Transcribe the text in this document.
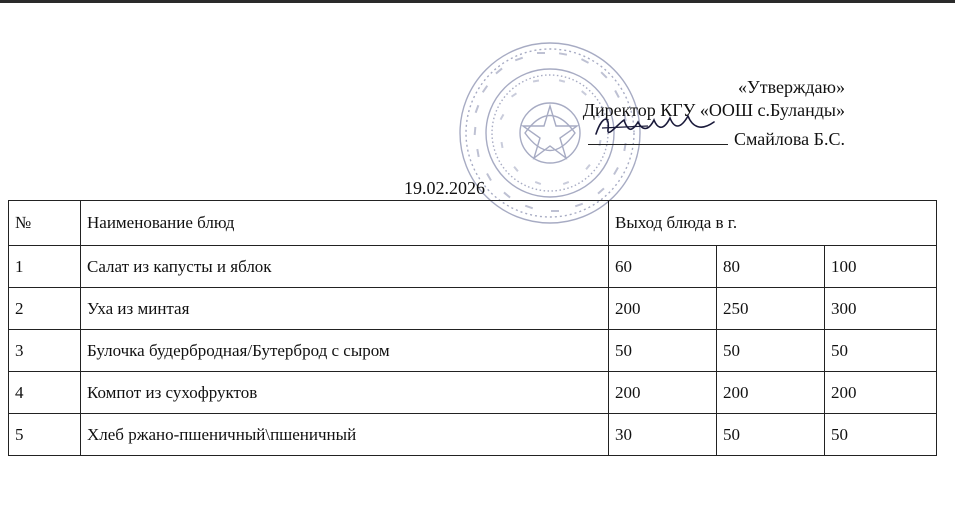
«Утверждаю»
Директор КГУ «ООШ с.Буланды»
Смайлова Б.С.
19.02.2026
№	Наименование блюд	Выход блюда в г.		
1	Салат из капусты и яблок	60	80	100
2	Уха из минтая	200	250	300
3	Булочка будербродная/Бутерброд с сыром	50	50	50
4	Компот из сухофруктов	200	200	200
5	Хлеб ржано-пшеничный\пшеничный	30	50	50
